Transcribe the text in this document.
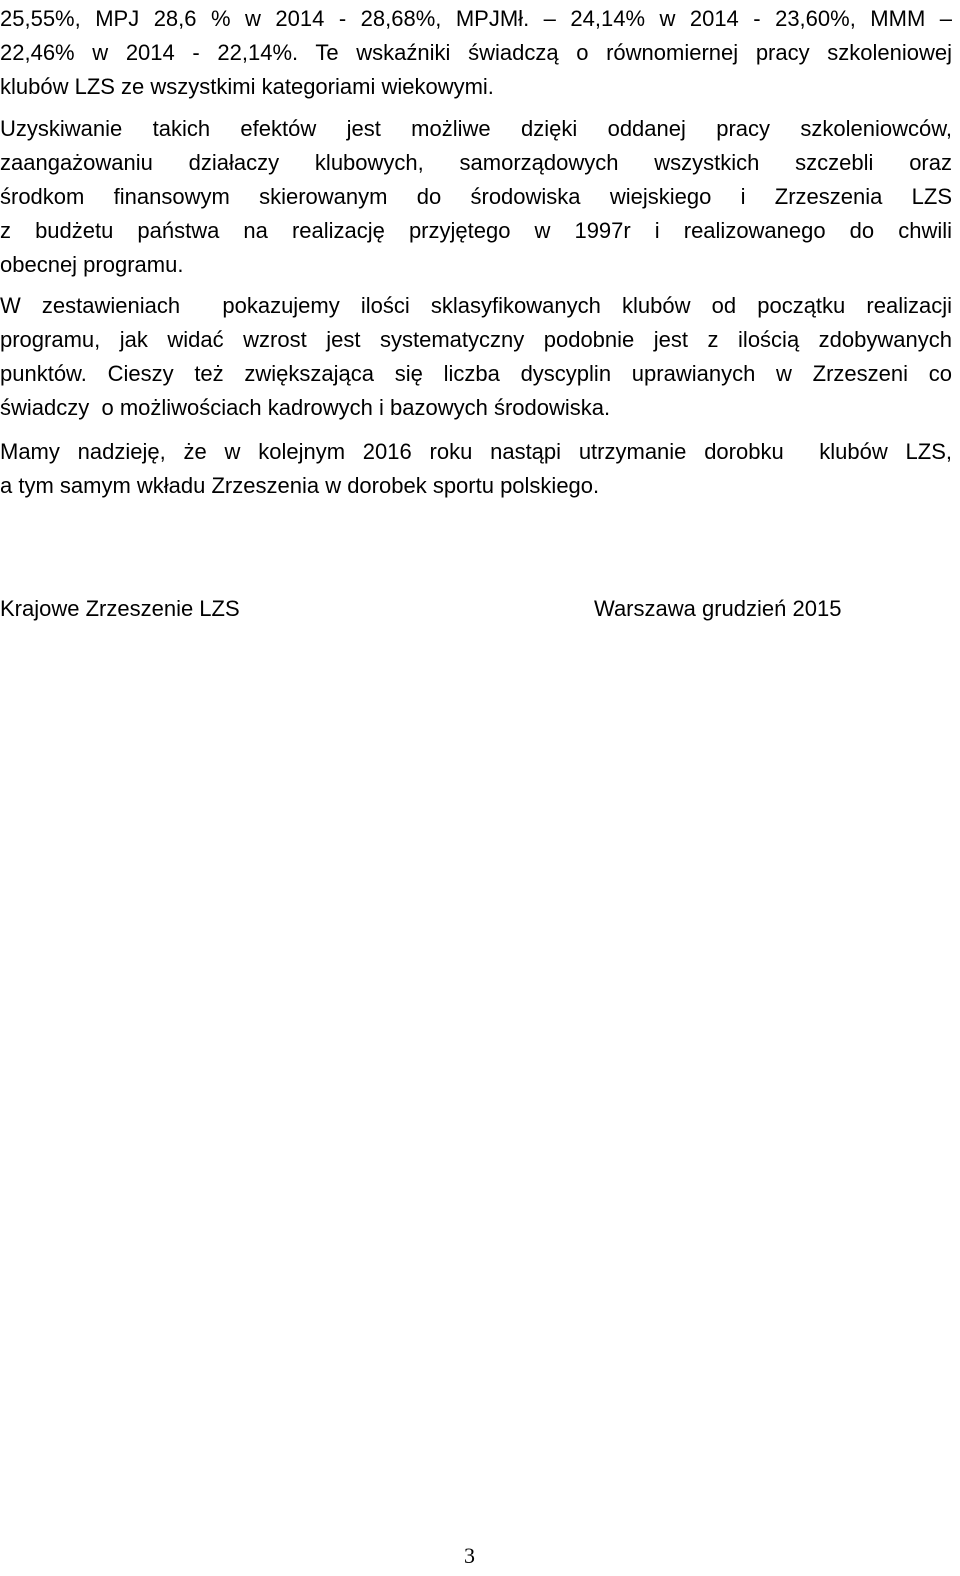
25,55%, MPJ 28,6 % w 2014 - 28,68%, MPJMł. – 24,14% w 2014 - 23,60%, MMM –
22,46% w 2014 - 22,14%. Te wskaźniki świadczą o równomiernej pracy szkoleniowej
klubów LZS ze wszystkimi kategoriami wiekowymi.
Uzyskiwanie takich efektów jest możliwe dzięki oddanej pracy szkoleniowców,
zaangażowaniu działaczy klubowych, samorządowych wszystkich szczebli oraz
środkom finansowym skierowanym do środowiska wiejskiego i Zrzeszenia LZS
z budżetu państwa na realizację przyjętego w 1997r i realizowanego do chwili
obecnej programu.
W zestawieniach  pokazujemy ilości sklasyfikowanych klubów od początku realizacji
programu, jak widać wzrost jest systematyczny podobnie jest z ilością zdobywanych
punktów. Cieszy też zwiększająca się liczba dyscyplin uprawianych w Zrzeszeni co
świadczy  o możliwościach kadrowych i bazowych środowiska.
Mamy nadzieję, że w kolejnym 2016 roku nastąpi utrzymanie dorobku  klubów LZS,
a tym samym wkładu Zrzeszenia w dorobek sportu polskiego.
Krajowe Zrzeszenie LZS	Warszawa grudzień 2015
3
